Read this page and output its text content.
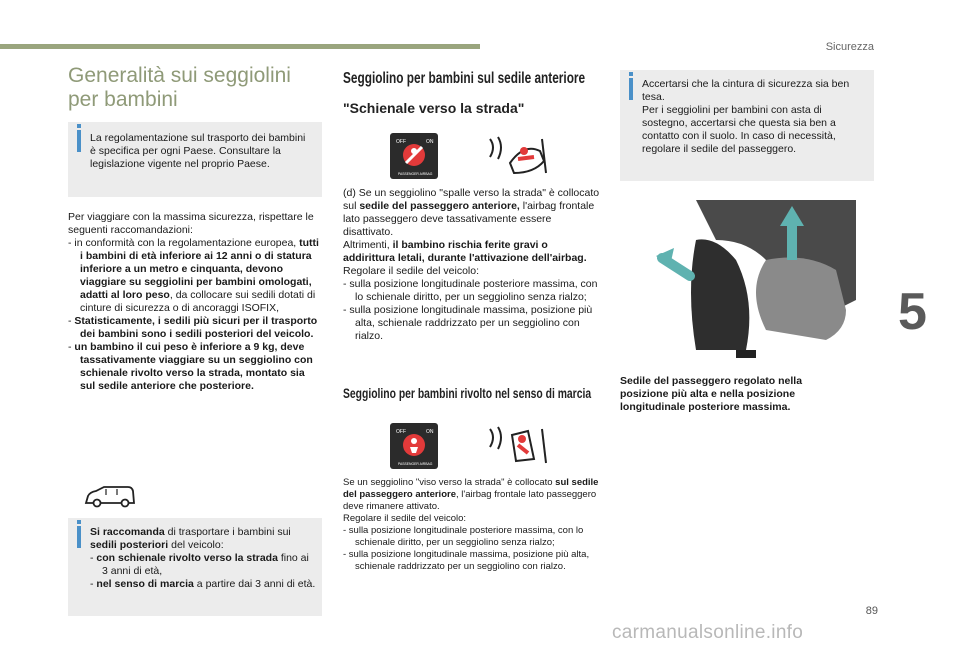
Sicurezza
5
89
carmanualsonline.info
Generalità sui seggiolini per bambini
La regolamentazione sul trasporto dei bambini è specifica per ogni Paese. Consultare la legislazione vigente nel proprio Paese.

Per viaggiare con la massima sicurezza, rispettare le seguenti raccomandazioni:

- in conformità con la regolamentazione europea, tutti i bambini di età inferiore ai 12 anni o di statura inferiore a un metro e cinquanta, devono viaggiare su seggiolini per bambini omologati, adatti al loro peso, da collocare sui sedili dotati di cinture di sicurezza o di ancoraggi ISOFIX,

- Statisticamente, i sedili più sicuri per il trasporto dei bambini sono i sedili posteriori del veicolo.

- un bambino il cui peso è inferiore a 9 kg, deve tassativamente viaggiare su un seggiolino con schienale rivolto verso la strada, montato sia sul sedile anteriore che posteriore.

Si raccomanda di trasportare i bambini sui sedili posteriori del veicolo:

- con schienale rivolto verso la strada fino ai 3 anni di età,

- nel senso di marcia a partire dai 3 anni di età.

Seggiolino per bambini sul sedile anteriore
"Schienale verso la strada"
OFF	ON
PASSENGER AIRBAG

(d) Se un seggiolino "spalle verso la strada" è collocato sul sedile del passeggero anteriore, l'airbag frontale lato passeggero deve tassativamente essere disattivato.

Altrimenti, il bambino rischia ferite gravi o addirittura letali, durante l'attivazione dell'airbag.

Regolare il sedile del veicolo:

- sulla posizione longitudinale posteriore massima, con lo schienale diritto, per un seggiolino senza rialzo;

- sulla posizione longitudinale massima, posizione più alta, schienale raddrizzato per un seggiolino con rialzo.

Seggiolino per bambini rivolto nel senso di marcia
OFF	ON
PASSENGER AIRBAG

Se un seggiolino "viso verso la strada" è collocato sul sedile del passeggero anteriore, l'airbag frontale lato passeggero deve rimanere attivato.

Regolare il sedile del veicolo:

- sulla posizione longitudinale posteriore massima, con lo schienale diritto, per un seggiolino senza rialzo;

- sulla posizione longitudinale massima, posizione più alta, schienale raddrizzato per un seggiolino con rialzo.

Accertarsi che la cintura di sicurezza sia ben tesa.

Per i seggiolini per bambini con asta di sostegno, accertarsi che questa sia ben a contatto con il suolo. In caso di necessità, regolare il sedile del passeggero.

Sedile del passeggero regolato nella posizione più alta e nella posizione longitudinale posteriore massima.
